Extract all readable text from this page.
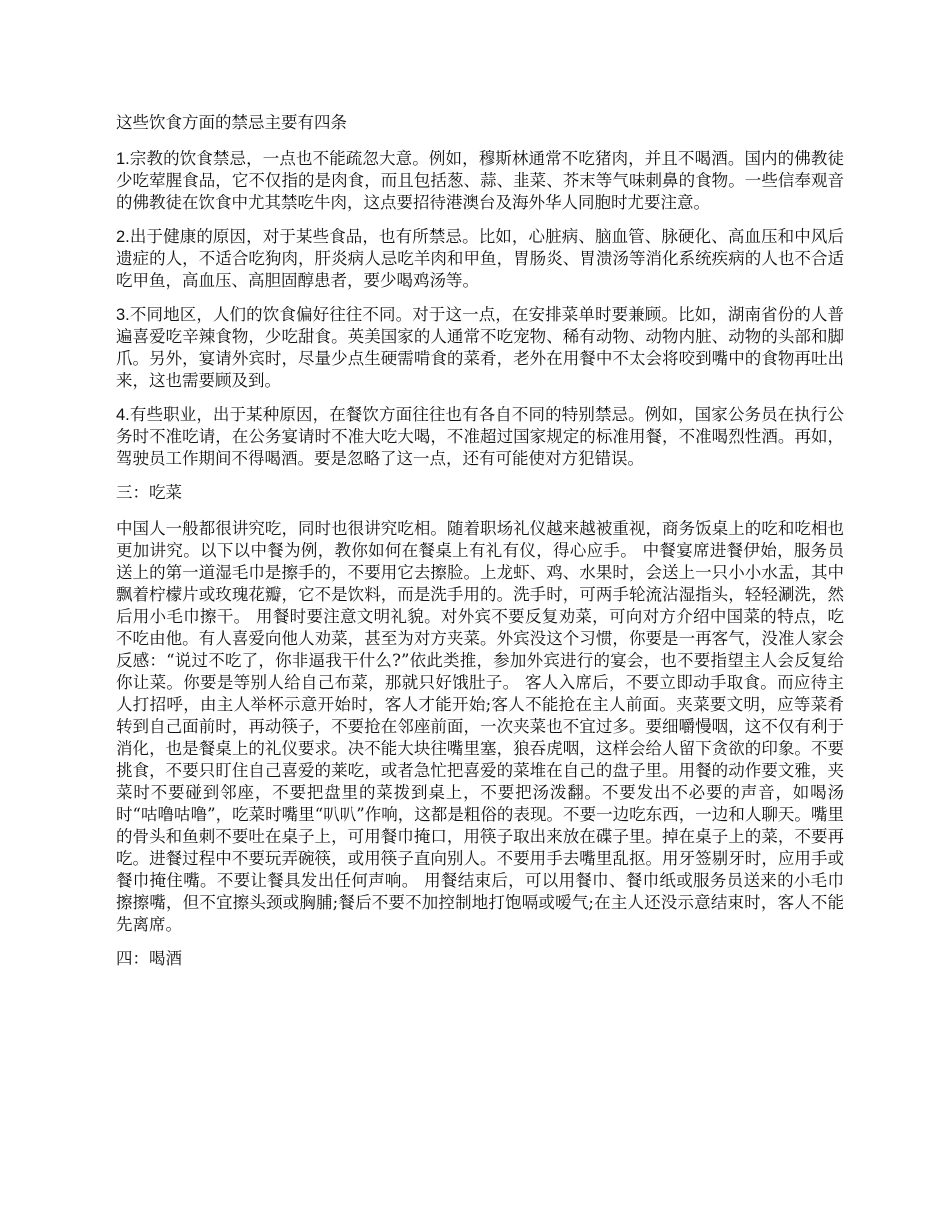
这些饮食方面的禁忌主要有四条

1.宗教的饮食禁忌，一点也不能疏忽大意。例如，穆斯林通常不吃猪肉，并且不喝酒。国内的佛教徒少吃荤腥食品，它不仅指的是肉食，而且包括葱、蒜、韭菜、芥末等气味刺鼻的食物。一些信奉观音的佛教徒在饮食中尤其禁吃牛肉，这点要招待港澳台及海外华人同胞时尤要注意。

2.出于健康的原因，对于某些食品，也有所禁忌。比如，心脏病、脑血管、脉硬化、高血压和中风后遗症的人，不适合吃狗肉，肝炎病人忌吃羊肉和甲鱼，胃肠炎、胃溃汤等消化系统疾病的人也不合适吃甲鱼，高血压、高胆固醇患者，要少喝鸡汤等。

3.不同地区，人们的饮食偏好往往不同。对于这一点，在安排菜单时要兼顾。比如，湖南省份的人普遍喜爱吃辛辣食物，少吃甜食。英美国家的人通常不吃宠物、稀有动物、动物内脏、动物的头部和脚爪。另外，宴请外宾时，尽量少点生硬需啃食的菜肴，老外在用餐中不太会将咬到嘴中的食物再吐出来，这也需要顾及到。

4.有些职业，出于某种原因，在餐饮方面往往也有各自不同的特别禁忌。例如，国家公务员在执行公务时不准吃请，在公务宴请时不准大吃大喝，不准超过国家规定的标准用餐，不准喝烈性酒。再如，驾驶员工作期间不得喝酒。要是忽略了这一点，还有可能使对方犯错误。

三：吃菜

中国人一般都很讲究吃，同时也很讲究吃相。随着职场礼仪越来越被重视，商务饭桌上的吃和吃相也更加讲究。以下以中餐为例，教你如何在餐桌上有礼有仪，得心应手。 中餐宴席进餐伊始，服务员送上的第一道湿毛巾是擦手的，不要用它去擦脸。上龙虾、鸡、水果时，会送上一只小小水盂，其中飘着柠檬片或玫瑰花瓣，它不是饮料，而是洗手用的。洗手时，可两手轮流沾湿指头，轻轻涮洗，然后用小毛巾擦干。 用餐时要注意文明礼貌。对外宾不要反复劝菜，可向对方介绍中国菜的特点，吃不吃由他。有人喜爱向他人劝菜，甚至为对方夹菜。外宾没这个习惯，你要是一再客气，没准人家会反感：“说过不吃了，你非逼我干什么?”依此类推，参加外宾进行的宴会，也不要指望主人会反复给你让菜。你要是等别人给自己布菜，那就只好饿肚子。 客人入席后，不要立即动手取食。而应待主人打招呼，由主人举杯示意开始时，客人才能开始;客人不能抢在主人前面。夹菜要文明，应等菜肴转到自己面前时，再动筷子，不要抢在邻座前面，一次夹菜也不宜过多。要细嚼慢咽，这不仅有利于消化，也是餐桌上的礼仪要求。决不能大块往嘴里塞，狼吞虎咽，这样会给人留下贪欲的印象。不要挑食，不要只盯住自己喜爱的莱吃，或者急忙把喜爱的菜堆在自己的盘子里。用餐的动作要文雅，夹菜时不要碰到邻座，不要把盘里的菜拨到桌上，不要把汤泼翻。不要发出不必要的声音，如喝汤时“咕噜咕噜”，吃菜时嘴里“叭叭”作响，这都是粗俗的表现。不要一边吃东西，一边和人聊天。嘴里的骨头和鱼刺不要吐在桌子上，可用餐巾掩口，用筷子取出来放在碟子里。掉在桌子上的菜，不要再吃。进餐过程中不要玩弄碗筷，或用筷子直向别人。不要用手去嘴里乱抠。用牙签剔牙时，应用手或餐巾掩住嘴。不要让餐具发出任何声响。 用餐结束后，可以用餐巾、餐巾纸或服务员送来的小毛巾擦擦嘴，但不宜擦头颈或胸脯;餐后不要不加控制地打饱嗝或嗳气;在主人还没示意结束时，客人不能先离席。

四：喝酒
